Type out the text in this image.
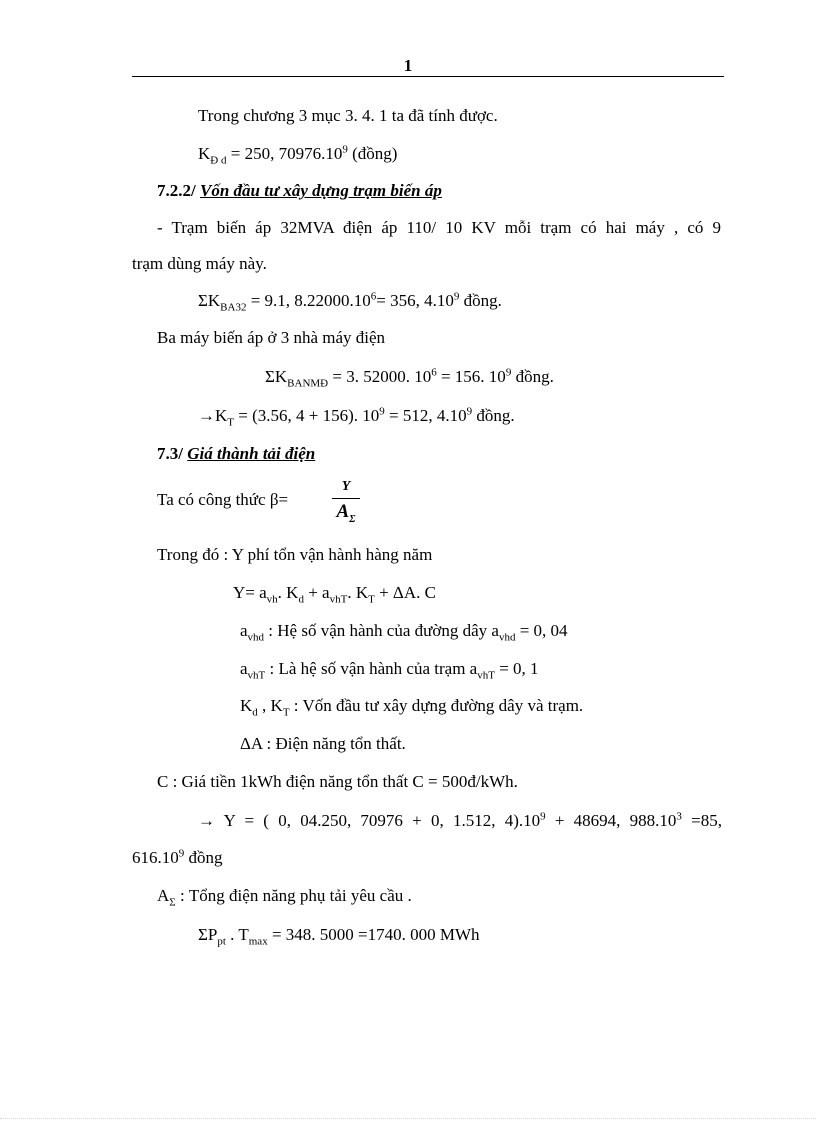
1
Trong chương 3 mục 3. 4. 1 ta đã tính được.
$K_{Đ d} = 250$, 70976.10$^9$ (đồng)
7.2.2/ Vốn đầu tư xây dựng trạm biến áp
- Trạm biến áp 32MVA điện áp 110/ 10 KV mỗi trạm có hai máy , có 9
trạm dùng máy này.
$\Sigma K_{BA32} = 9.1$, $8.22000.10^6= 356$, 4.10$^9$ đồng.
Ba máy biến áp ở 3 nhà máy điện
$\Sigma K_{BANMĐ} = 3$. 52000. $10^6 = 156$. $10^9$ đồng.
$\to K_T = (3.56$, 4 + 156). $10^9 = 512$, 4.10$^9$ đồng.
7.3/ Giá thành tải điện
Ta có công thức β=
Y
$A_\Sigma$
Trong đó : Y phí tổn vận hành hàng năm
$Y= a_{vh}$. $K_d + a_{vhT}$. $K_T + \Delta A$. C
$a_{vhd}$ : Hệ số vận hành của đường dây $a_{vhd} = 0$, 04
$a_{vhT}$ : Là hệ số vận hành của trạm $a_{vhT} = 0$, 1
$K_d$ , $K_T$ : Vốn đầu tư xây dựng đường dây và trạm.
ΔA : Điện năng tổn thất.
C : Giá tiền 1kWh điện năng tổn thất C = 500đ/kWh.
→ Y = ( 0, 04.250, 70976 + 0, 1.512, $4).10^9 + 48694$, $988.10^3 =85$,
616.10$^9$ đồng
$A_\Sigma$ : Tổng điện năng phụ tải yêu cầu .
$\Sigma P_{pt}$ . $T_{max} = 348$. 5000 =1740. 000 MWh
